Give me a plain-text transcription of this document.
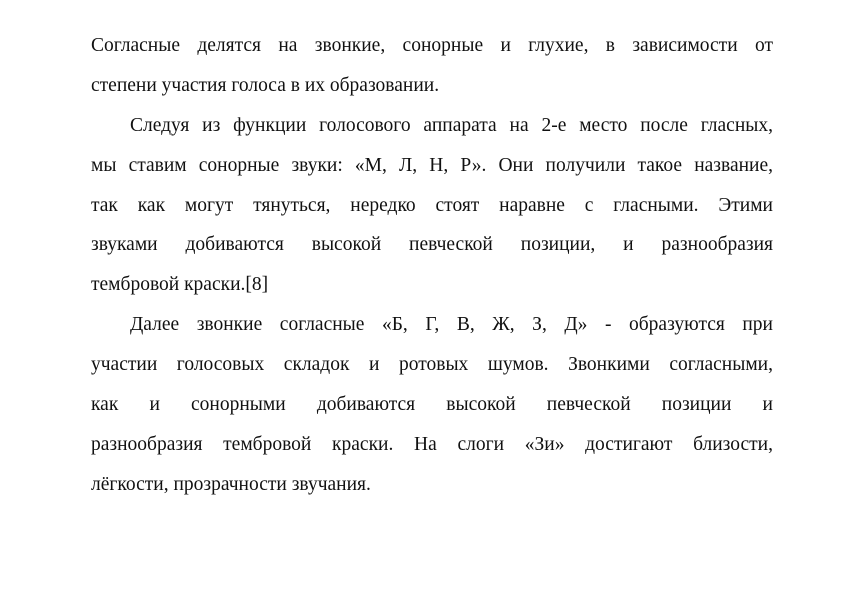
Согласные делятся на звонкие, сонорные и глухие, в зависимости от
степени участия голоса в их образовании.
Следуя из функции голосового аппарата на 2-е место после гласных,
мы ставим сонорные звуки: «М, Л, Н, Р». Они получили такое название,
так как могут тянуться, нередко стоят наравне с гласными. Этими
звуками добиваются высокой певческой позиции, и разнообразия
тембровой краски.[8]
Далее звонкие согласные «Б, Г, В, Ж, З, Д» - образуются при
участии голосовых складок и ротовых шумов. Звонкими согласными,
как и сонорными добиваются высокой певческой позиции и
разнообразия тембровой краски. На слоги «Зи» достигают близости,
лёгкости, прозрачности звучания.
